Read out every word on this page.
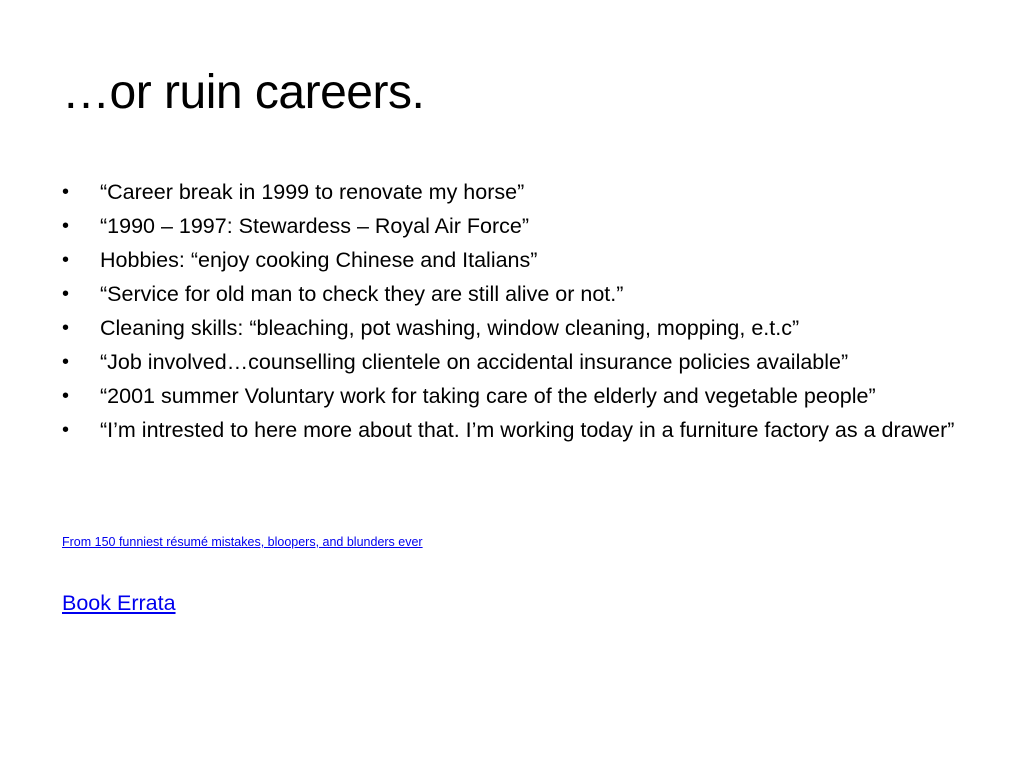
…or ruin careers.
•	“Career break in 1999 to renovate my horse”
•	“1990 – 1997: Stewardess – Royal Air Force”
•	Hobbies: “enjoy cooking Chinese and Italians”
•	“Service for old man to check they are still alive or not.”
•	Cleaning skills: “bleaching, pot washing, window cleaning, mopping, e.t.c”
•	“Job involved…counselling clientele on accidental insurance policies available”
•	“2001 summer Voluntary work for taking care of the elderly and vegetable people”
•	“I’m intrested to here more about that. I’m working today in a furniture factory as a drawer”
From 150 funniest résumé mistakes, bloopers, and blunders ever
Book Errata
